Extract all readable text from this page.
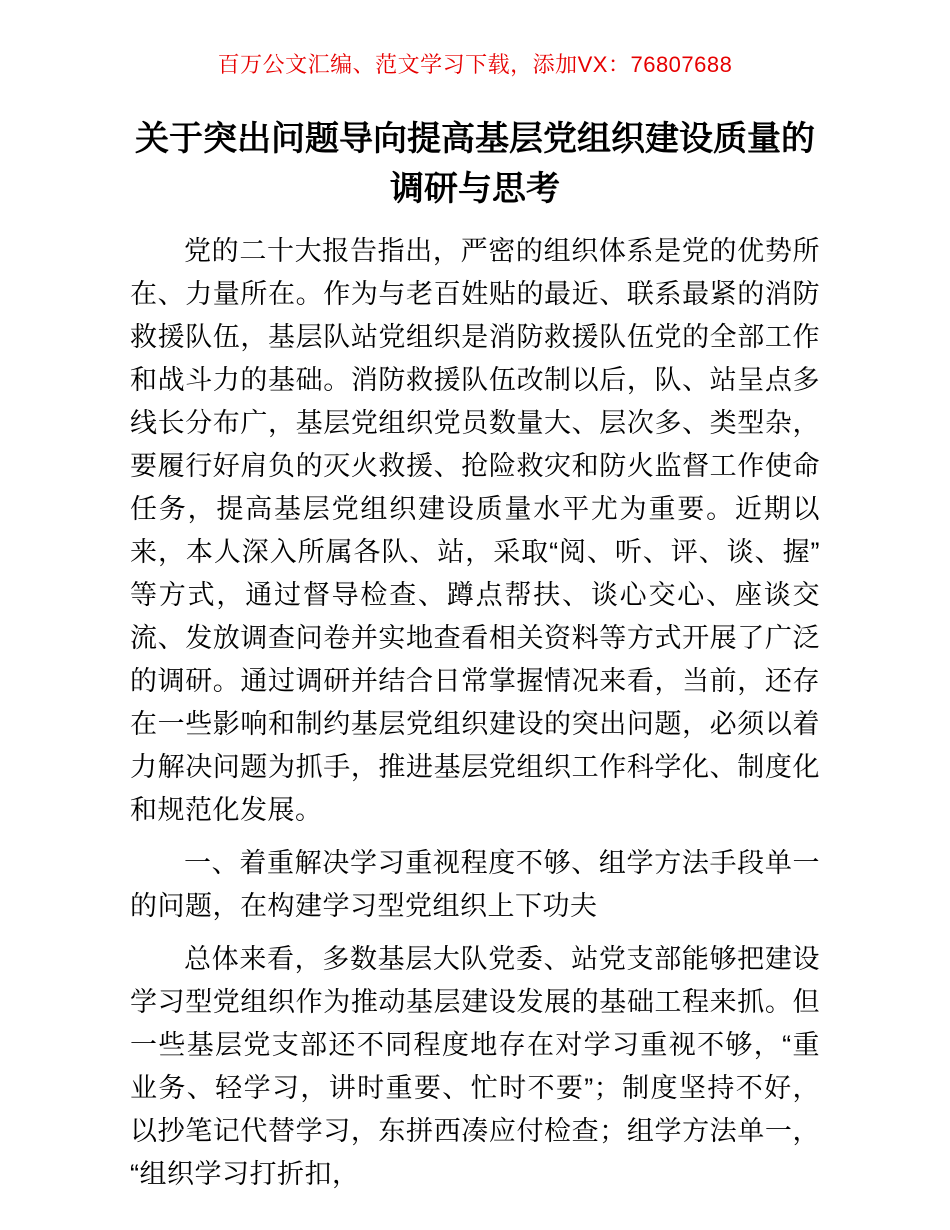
百万公文汇编、范文学习下载，添加VX：76807688
关于突出问题导向提高基层党组织建设质量的调研与思考

党的二十大报告指出，严密的组织体系是党的优势所在、力量所在。作为与老百姓贴的最近、联系最紧的消防救援队伍，基层队站党组织是消防救援队伍党的全部工作和战斗力的基础。消防救援队伍改制以后，队、站呈点多线长分布广，基层党组织党员数量大、层次多、类型杂，要履行好肩负的灭火救援、抢险救灾和防火监督工作使命任务，提高基层党组织建设质量水平尤为重要。近期以来，本人深入所属各队、站，采取“阅、听、评、谈、握”等方式，通过督导检查、蹲点帮扶、谈心交心、座谈交流、发放调查问卷并实地查看相关资料等方式开展了广泛的调研。通过调研并结合日常掌握情况来看，当前，还存在一些影响和制约基层党组织建设的突出问题，必须以着力解决问题为抓手，推进基层党组织工作科学化、制度化和规范化发展。

一、着重解决学习重视程度不够、组学方法手段单一的问题，在构建学习型党组织上下功夫

总体来看，多数基层大队党委、站党支部能够把建设学习型党组织作为推动基层建设发展的基础工程来抓。但一些基层党支部还不同程度地存在对学习重视不够，“重业务、轻学习，讲时重要、忙时不要”；制度坚持不好，以抄笔记代替学习，东拼西凑应付检查；组学方法单一，“组织学习打折扣，
